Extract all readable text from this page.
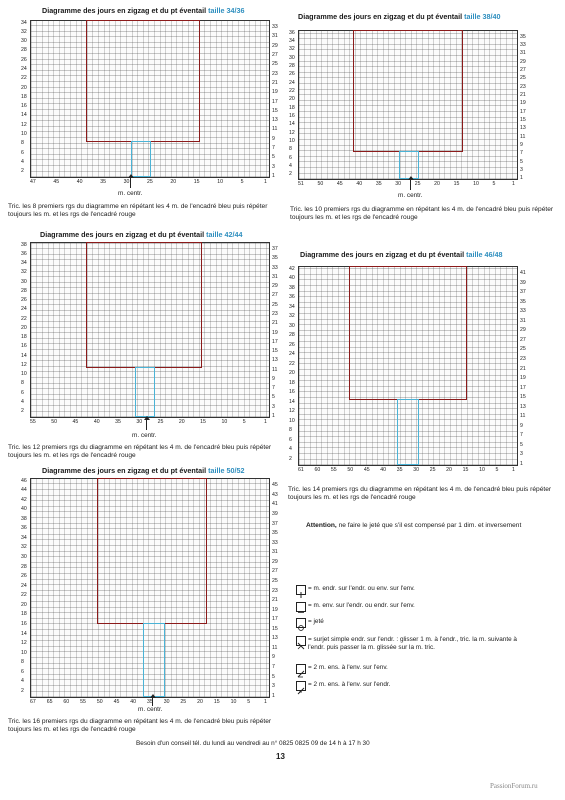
Diagramme des jours en zigzag et du pt éventail taille 34/36
m. centr.
Tric. les 8 premiers rgs du diagramme en répétant les 4 m. de l'encadré bleu puis répéter toujours les m. et les rgs de l'encadré rouge
Diagramme des jours en zigzag et du pt éventail taille 38/40
m. centr.
Tric. les 10 premiers rgs du diagramme en répétant les 4 m. de l'encadré bleu puis répéter toujours les m. et les rgs de l'encadré rouge
Diagramme des jours en zigzag et du pt éventail taille 42/44
m. centr.
Tric. les 12 premiers rgs du diagramme en répétant les 4 m. de l'encadré bleu puis répéter toujours les m. et les rgs de l'encadré rouge
Diagramme des jours en zigzag et du pt éventail taille 46/48
Tric. les 14 premiers rgs du diagramme en répétant les 4 m. de l'encadré bleu puis répéter toujours les m. et les rgs de l'encadré rouge
Diagramme des jours en zigzag et du pt éventail taille 50/52
m. centr.
Tric. les 16 premiers rgs du diagramme en répétant les 4 m. de l'encadré bleu puis répéter toujours les m. et les rgs de l'encadré rouge
Attention, ne faire le jeté que s'il est compensé par 1 dim. et inversement
= m. endr. sur l'endr. ou env. sur l'env.
= m. env. sur l'endr. ou endr. sur l'env.
= jeté
= surjet simple endr. sur l'endr. : glisser 1 m. à l'endr., tric. la m. suivante à l'endr. puis passer la m. glissée sur la m. tric.
= 2 m. ens. à l'env. sur l'env.
= 2 m. ens. à l'env. sur l'endr.
Besoin d'un conseil tél. du lundi au vendredi au n° 0825 0825 09 de 14 h à 17 h 30
13
PassionForum.ru
34
32
30
28
26
24
22
20
18
16
14
12
10
8
6
4
2
33
31
29
27
25
23
21
19
17
15
13
11
9
7
5
3
1
47	45	40	35	30	25	20	15	10	5	1
36
34
32
30
28
26
24
22
20
18
16
14
12
10
8
6
4
2
35
33
31
29
27
25
23
21
19
17
15
13
11
9
7
5
3
1
51	50	45	40	35	30	25	20	15	10	5	1
38
36
34
32
30
28
26
24
22
20
18
16
14
12
10
8
6
4
2
37
35
33
31
29
27
25
23
21
19
17
15
13
11
9
7
5
3
1
55	50	45	40	35	30	25	20	15	10	5	1
42
40
38
36
34
32
30
28
26
24
22
20
18
16
14
12
10
8
6
4
2
41
39
37
35
33
31
29
27
25
23
21
19
17
15
13
11
9
7
5
3
1
61 60 55 50 45 40 35 30 25 20 15 10 5	1
46
44
42
40
38
36
34
32
30
28
26
24
22
20
18
16
14
12
10
8
6
4
2
45
43
41
39
37
35
33
31
29
27
25
23
21
19
17
15
13
11
9
7
5
3
1
67 65 60 55 50 45 40 35 30 25 20 15 10 5	1
